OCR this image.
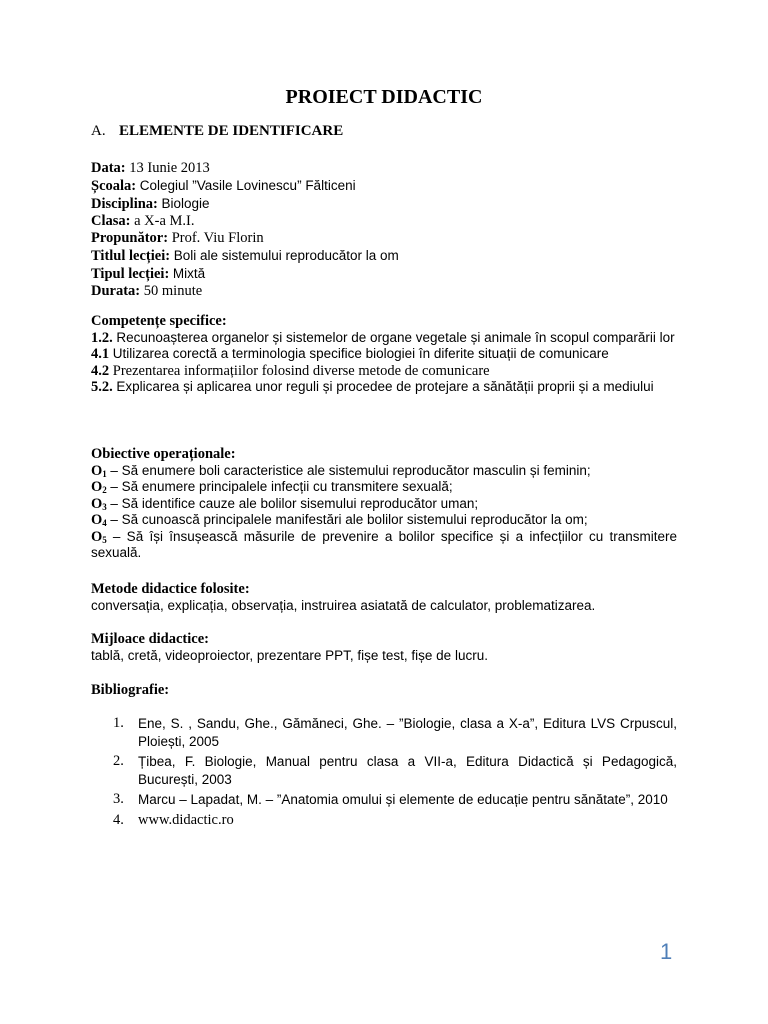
PROIECT DIDACTIC
A. ELEMENTE DE IDENTIFICARE
Data: 13 Iunie 2013
Școala: Colegiul ”Vasile Lovinescu” Fălticeni
Disciplina: Biologie
Clasa: a X-a M.I.
Propunător: Prof. Viu Florin
Titlul lecției: Boli ale sistemului reproducător la om
Tipul lecției: Mixtă
Durata: 50 minute
Competențe specifice:
1.2. Recunoașterea organelor și sistemelor de organe vegetale și animale în scopul comparării lor
4.1 Utilizarea corectă a terminologia specifice biologiei în diferite situații de comunicare
4.2 Prezentarea informațiilor folosind diverse metode de comunicare
5.2. Explicarea și aplicarea unor reguli și procedee de protejare a sănătății proprii și a mediului
Obiective operaționale:
$O_1$ – Să enumere boli caracteristice ale sistemului reproducător masculin și feminin;
$O_2$ – Să enumere principalele infecții cu transmitere sexuală;
$O_3$ – Să identifice cauze ale bolilor sisemului reproducător uman;
$O_4$ – Să cunoască principalele manifestări ale bolilor sistemului reproducător la om;
$O_5$ – Să își însușească măsurile de prevenire a bolilor specifice și a infecțiilor cu transmitere sexuală.
Metode didactice folosite:
conversația, explicația, observația, instruirea asiatată de calculator, problematizarea.
Mijloace didactice:
tablă, cretă, videoproiector, prezentare PPT, fișe test, fișe de lucru.
Bibliografie:
1.	Ene, S. , Sandu, Ghe., Gămăneci, Ghe. – ”Biologie, clasa a X-a”, Editura LVS Crpuscul, Ploiești, 2005
2.	Țibea, F. Biologie, Manual pentru clasa a VII-a, Editura Didactică și Pedagogică, București, 2003
3.	Marcu – Lapadat, M. – ”Anatomia omului și elemente de educație pentru sănătate”, 2010
4. www.didactic.ro
1
